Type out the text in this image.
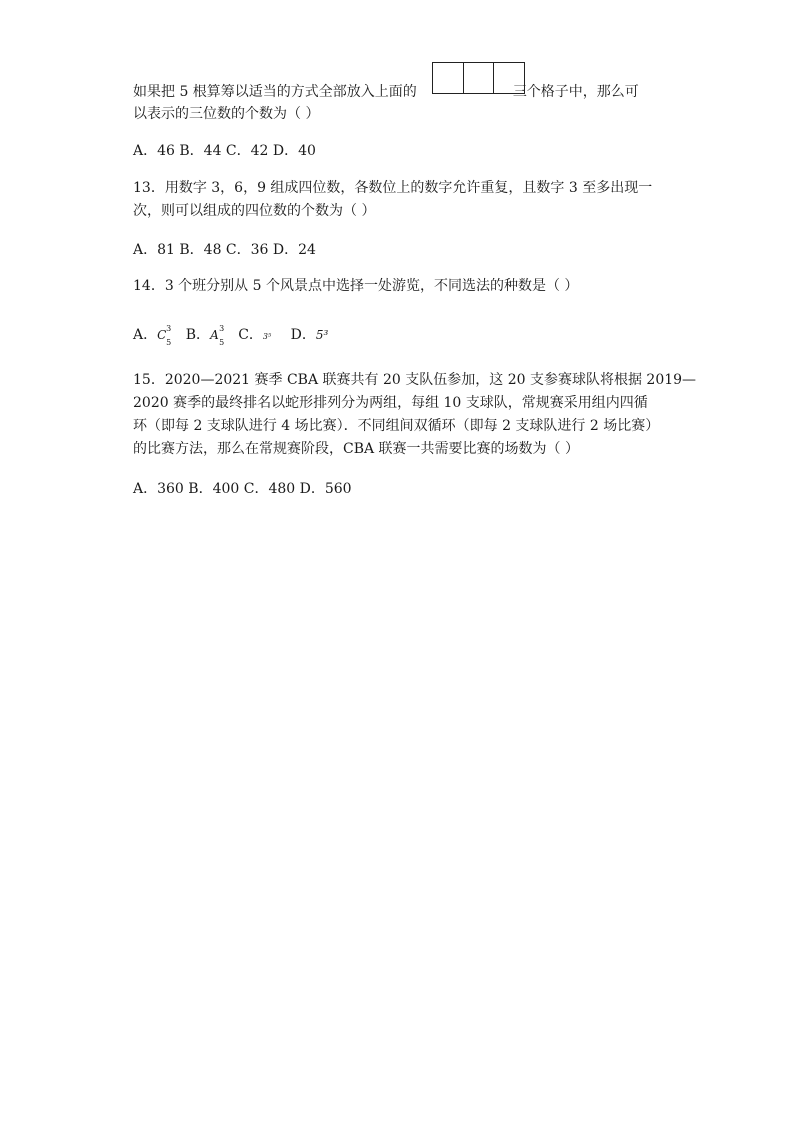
如果把 5 根算筹以适当的方式全部放入上面的	三个格子中，那么可
以表示的三位数的个数为（ ）
A．46 B．44 C．42 D．40
13．用数字 3，6，9 组成四位数，各数位上的数字允许重复，且数字 3 至多出现一
次，则可以组成的四位数的个数为（ ）
A．81 B．48 C．36 D．24
14．3 个班分别从 5 个风景点中选择一处游览，不同选法的种数是（ ）
A．C 3
5 B．A 3
5 C．3⁵ D．5³
15．2020—2021 赛季 CBA 联赛共有 20 支队伍参加，这 20 支参赛球队将根据 2019—
2020 赛季的最终排名以蛇形排列分为两组，每组 10 支球队，常规赛采用组内四循
环（即每 2 支球队进行 4 场比赛）．不同组间双循环（即每 2 支球队进行 2 场比赛）
的比赛方法，那么在常规赛阶段，CBA 联赛一共需要比赛的场数为（ ）
A．360 B．400 C．480 D．560
